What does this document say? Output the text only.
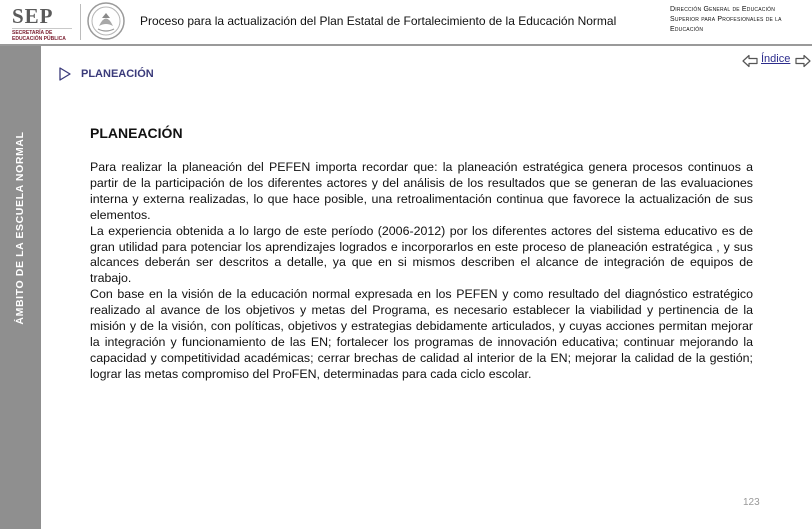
SEP
SECRETARÍA DE EDUCACIÓN PÚBLICA
Proceso para la actualización del Plan Estatal de Fortalecimiento de la Educación Normal
Dirección General de Educación Superior para Profesionales de la Educación
ÁMBITO DE LA ESCUELA NORMAL
PLANEACIÓN
Índice
PLANEACIÓN

Para realizar la planeación del PEFEN importa recordar que: la planeación estratégica genera procesos continuos a partir de la participación de los diferentes actores y del análisis de los resultados que se generan de las evaluaciones interna y externa realizadas, lo que hace posible, una retroalimentación continua que favorece la actualización de sus elementos.

La experiencia obtenida a lo largo de este período (2006-2012) por los diferentes actores del sistema educativo es de gran utilidad para potenciar los aprendizajes logrados e incorporarlos en este proceso de planeación estratégica , y sus alcances deberán ser descritos a detalle, ya que en si mismos describen el alcance de integración de equipos de trabajo.

Con base en la visión de la educación normal expresada en los PEFEN y como resultado del diagnóstico estratégico realizado al avance de los objetivos y metas del Programa, es necesario establecer la viabilidad y pertinencia de la misión y de la visión, con políticas, objetivos y estrategias debidamente articulados, y cuyas acciones permitan mejorar la integración y funcionamiento de las EN; fortalecer los programas de innovación educativa; continuar mejorando la capacidad y competitividad académicas; cerrar brechas de calidad al interior de la EN; mejorar la calidad de la gestión; lograr las metas compromiso del ProFEN, determinadas para cada ciclo escolar.

123
